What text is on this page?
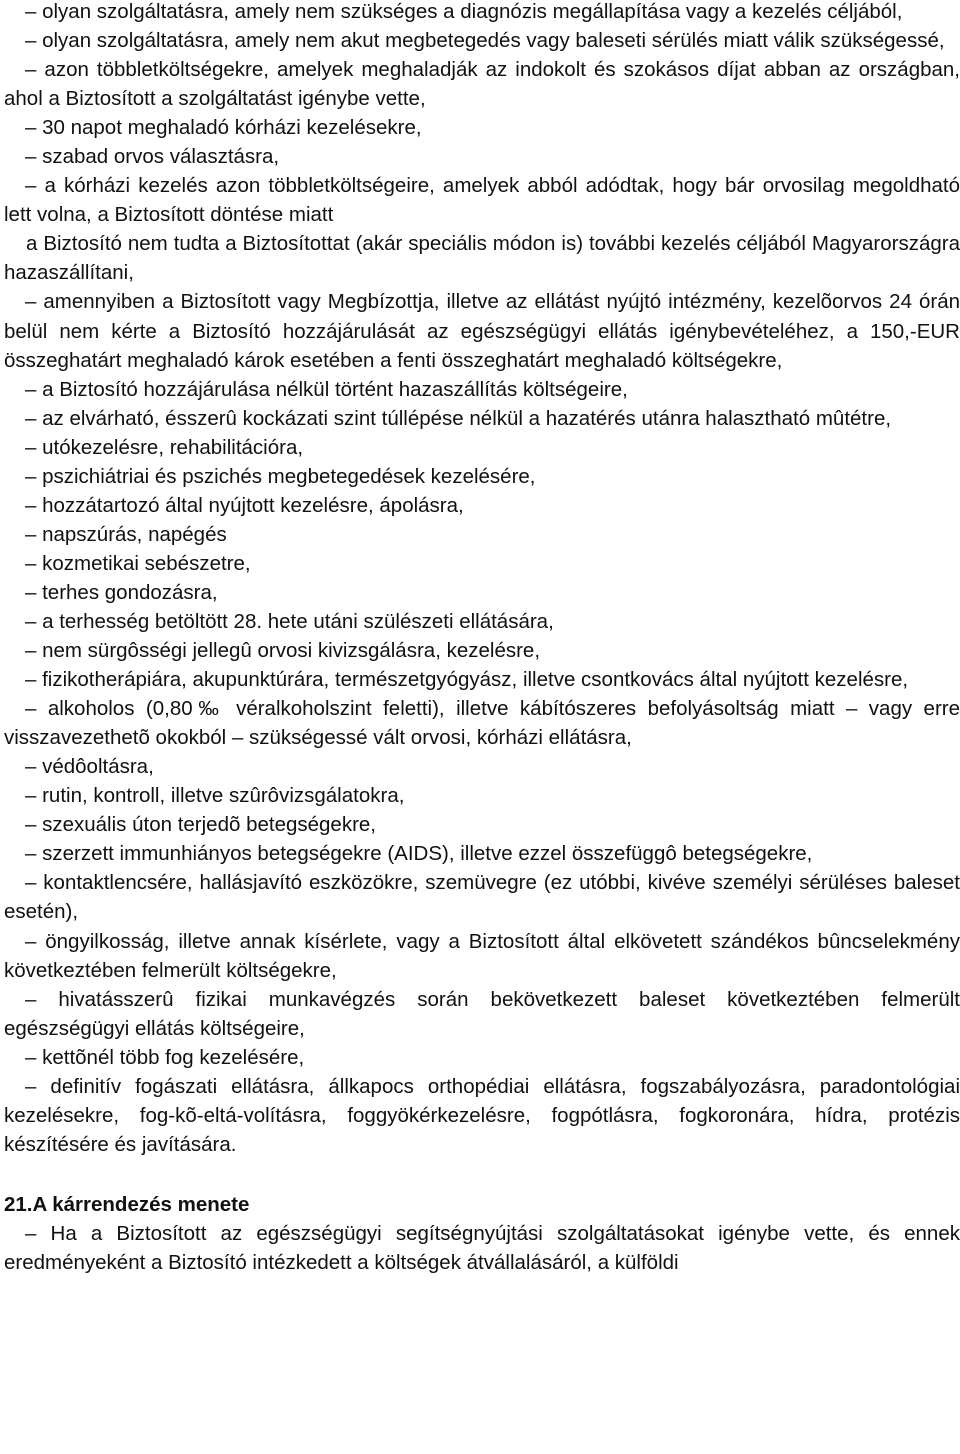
– olyan szolgáltatásra, amely nem szükséges a diagnózis megállapítása vagy a kezelés céljából,

– olyan szolgáltatásra, amely nem akut megbetegedés vagy baleseti sérülés miatt válik szükségessé,

– azon többletköltségekre, amelyek meghaladják az indokolt és szokásos díjat abban az országban, ahol a Biztosított a szolgáltatást igénybe vette,

– 30 napot meghaladó kórházi kezelésekre,

– szabad orvos választásra,

– a kórházi kezelés azon többletköltségeire, amelyek abból adódtak, hogy bár orvosilag megoldható lett volna, a Biztosított döntése miatt

a Biztosító nem tudta a Biztosítottat (akár speciális módon is) további kezelés céljából Magyarországra hazaszállítani,

– amennyiben a Biztosított vagy Megbízottja, illetve az ellátást nyújtó intézmény, kezelõorvos 24 órán belül nem kérte a Biztosító hozzájárulását az egészségügyi ellátás igénybevételéhez, a 150,-EUR összeghatárt meghaladó károk esetében a fenti összeghatárt meghaladó költségekre,

– a Biztosító hozzájárulása nélkül történt hazaszállítás költségeire,

– az elvárható, ésszerû kockázati szint túllépése nélkül a hazatérés utánra halasztható mûtétre,

– utókezelésre, rehabilitációra,

– pszichiátriai és pszichés megbetegedések kezelésére,

– hozzátartozó által nyújtott kezelésre, ápolásra,

– napszúrás, napégés

– kozmetikai sebészetre,

– terhes gondozásra,

– a terhesség betöltött 28. hete utáni szülészeti ellátására,

– nem sürgôsségi jellegû orvosi kivizsgálásra, kezelésre,

– fizikotherápiára, akupunktúrára, természetgyógyász, illetve csontkovács által nyújtott kezelésre,

– alkoholos (0,80‰ véralkoholszint feletti), illetve kábítószeres befolyásoltság miatt – vagy erre visszavezethetõ okokból – szükségessé vált orvosi, kórházi ellátásra,

– védôoltásra,

– rutin, kontroll, illetve szûrôvizsgálatokra,

– szexuális úton terjedõ betegségekre,

– szerzett immunhiányos betegségekre (AIDS), illetve ezzel összefüggô betegségekre,

– kontaktlencsére, hallásjavító eszközökre, szemüvegre (ez utóbbi, kivéve személyi sérüléses baleset esetén),

– öngyilkosság, illetve annak kísérlete, vagy a Biztosított által elkövetett szándékos bûncselekmény következtében felmerült költségekre,

– hivatásszerû fizikai munkavégzés során bekövetkezett baleset következtében felmerült egészségügyi ellátás költségeire,

– kettõnél több fog kezelésére,

– definitív fogászati ellátásra, állkapocs orthopédiai ellátásra, fogszabályozásra, paradontológiai kezelésekre, fog-kõ-eltá-volításra, foggyökérkezelésre, fogpótlásra, fogkoronára, hídra, protézis készítésére és javítására.

21.A kárrendezés menete

– Ha a Biztosított az egészségügyi segítségnyújtási szolgáltatásokat igénybe vette, és ennek eredményeként a Biztosító intézkedett a költségek átvállalásáról, a külföldi
